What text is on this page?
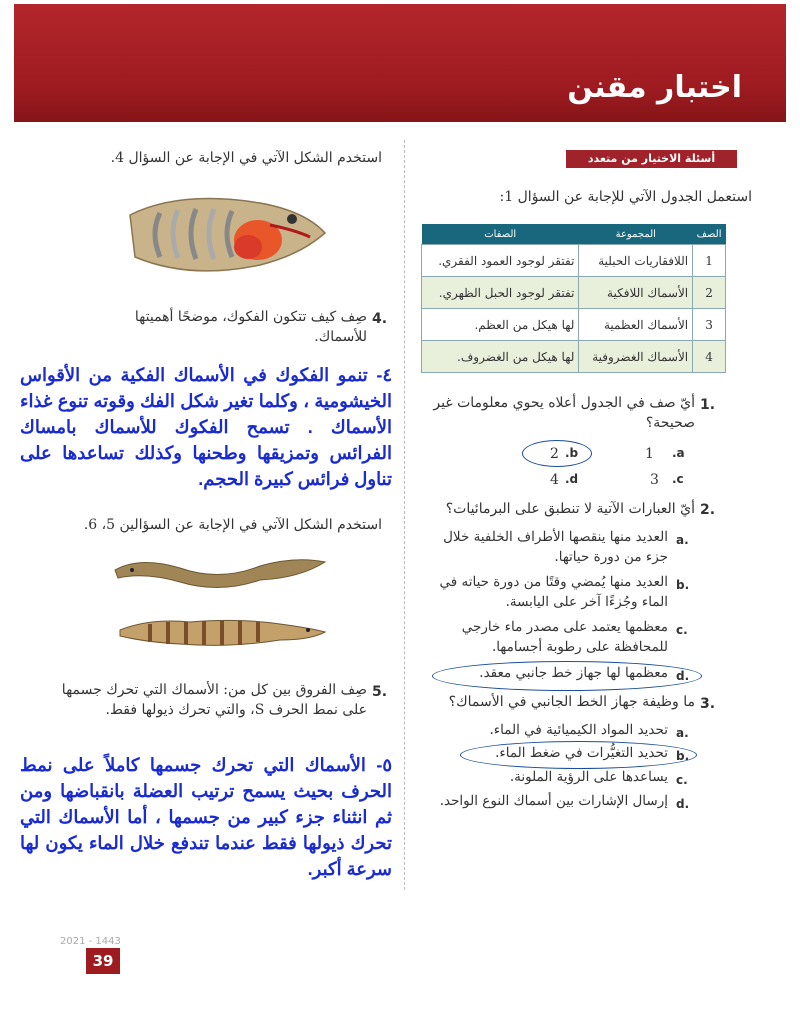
اختبار مقنن
أسئلة الاختيار من متعدد
استعمل الجدول الآتي للإجابة عن السؤال 1:
الصف	المجموعة	الصفات
1	اللافقاريات الحبلية	تفتقر لوجود العمود الفقري.
2	الأسماك اللافكية	تفتقر لوجود الحبل الظهري.
3	الأسماك العظمية	لها هيكل من العظم.
4	الأسماك الغضروفية	لها هيكل من الغضروف.
1.
أيّ صف في الجدول أعلاه يحوي معلومات غير صحيحة؟
1 .a
2 .b
3 .c
4 .d
2.
أيّ العبارات الآتية لا تنطبق على البرمائيات؟
a.
العديد منها ينقصها الأطراف الخلفية خلال جزء من دورة حياتها.
b.
العديد منها يُمضي وقتًا من دورة حياته في الماء وجُزءًا آخر على اليابسة.
c.
معظمها يعتمد على مصدر ماء خارجي للمحافظة على رطوبة أجسامها.
d.
معظمها لها جهاز خط جانبي معقد.
3.
ما وظيفة جهاز الخط الجانبي في الأسماك؟
a.
تحديد المواد الكيميائية في الماء.
b.
تحديد التغيُّرات في ضغط الماء.
c.
يساعدها على الرؤية الملونة.
d.
إرسال الإشارات بين أسماك النوع الواحد.
استخدم الشكل الآتي في الإجابة عن السؤال 4.
4.
صِف كيف تتكون الفكوك، موضحًا أهميتها للأسماك.
٤- تنمو الفكوك في الأسماك الفكية من الأقواس الخيشومية ، وكلما تغير شكل الفك وقوته تنوع غذاء الأسماك . تسمح الفكوك للأسماك بامساك الفرائس وتمزيقها وطحنها وكذلك تساعدها على تناول فرائس كبيرة الحجم.
استخدم الشكل الآتي في الإجابة عن السؤالين 5، 6.
5.
صِف الفروق بين كل من: الأسماك التي تحرك جسمها على نمط الحرف S، والتي تحرك ذيولها فقط.
٥- الأسماك التي تحرك جسمها كاملاً على نمط الحرف بحيث يسمح ترتيب العضلة بانقباضها ومن ثم انثناء جزء كبير من جسمها ، أما الأسماك التي تحرك ذيولها فقط عندما تندفع خلال الماء يكون لها سرعة أكبر.
2021 - 1443
39
